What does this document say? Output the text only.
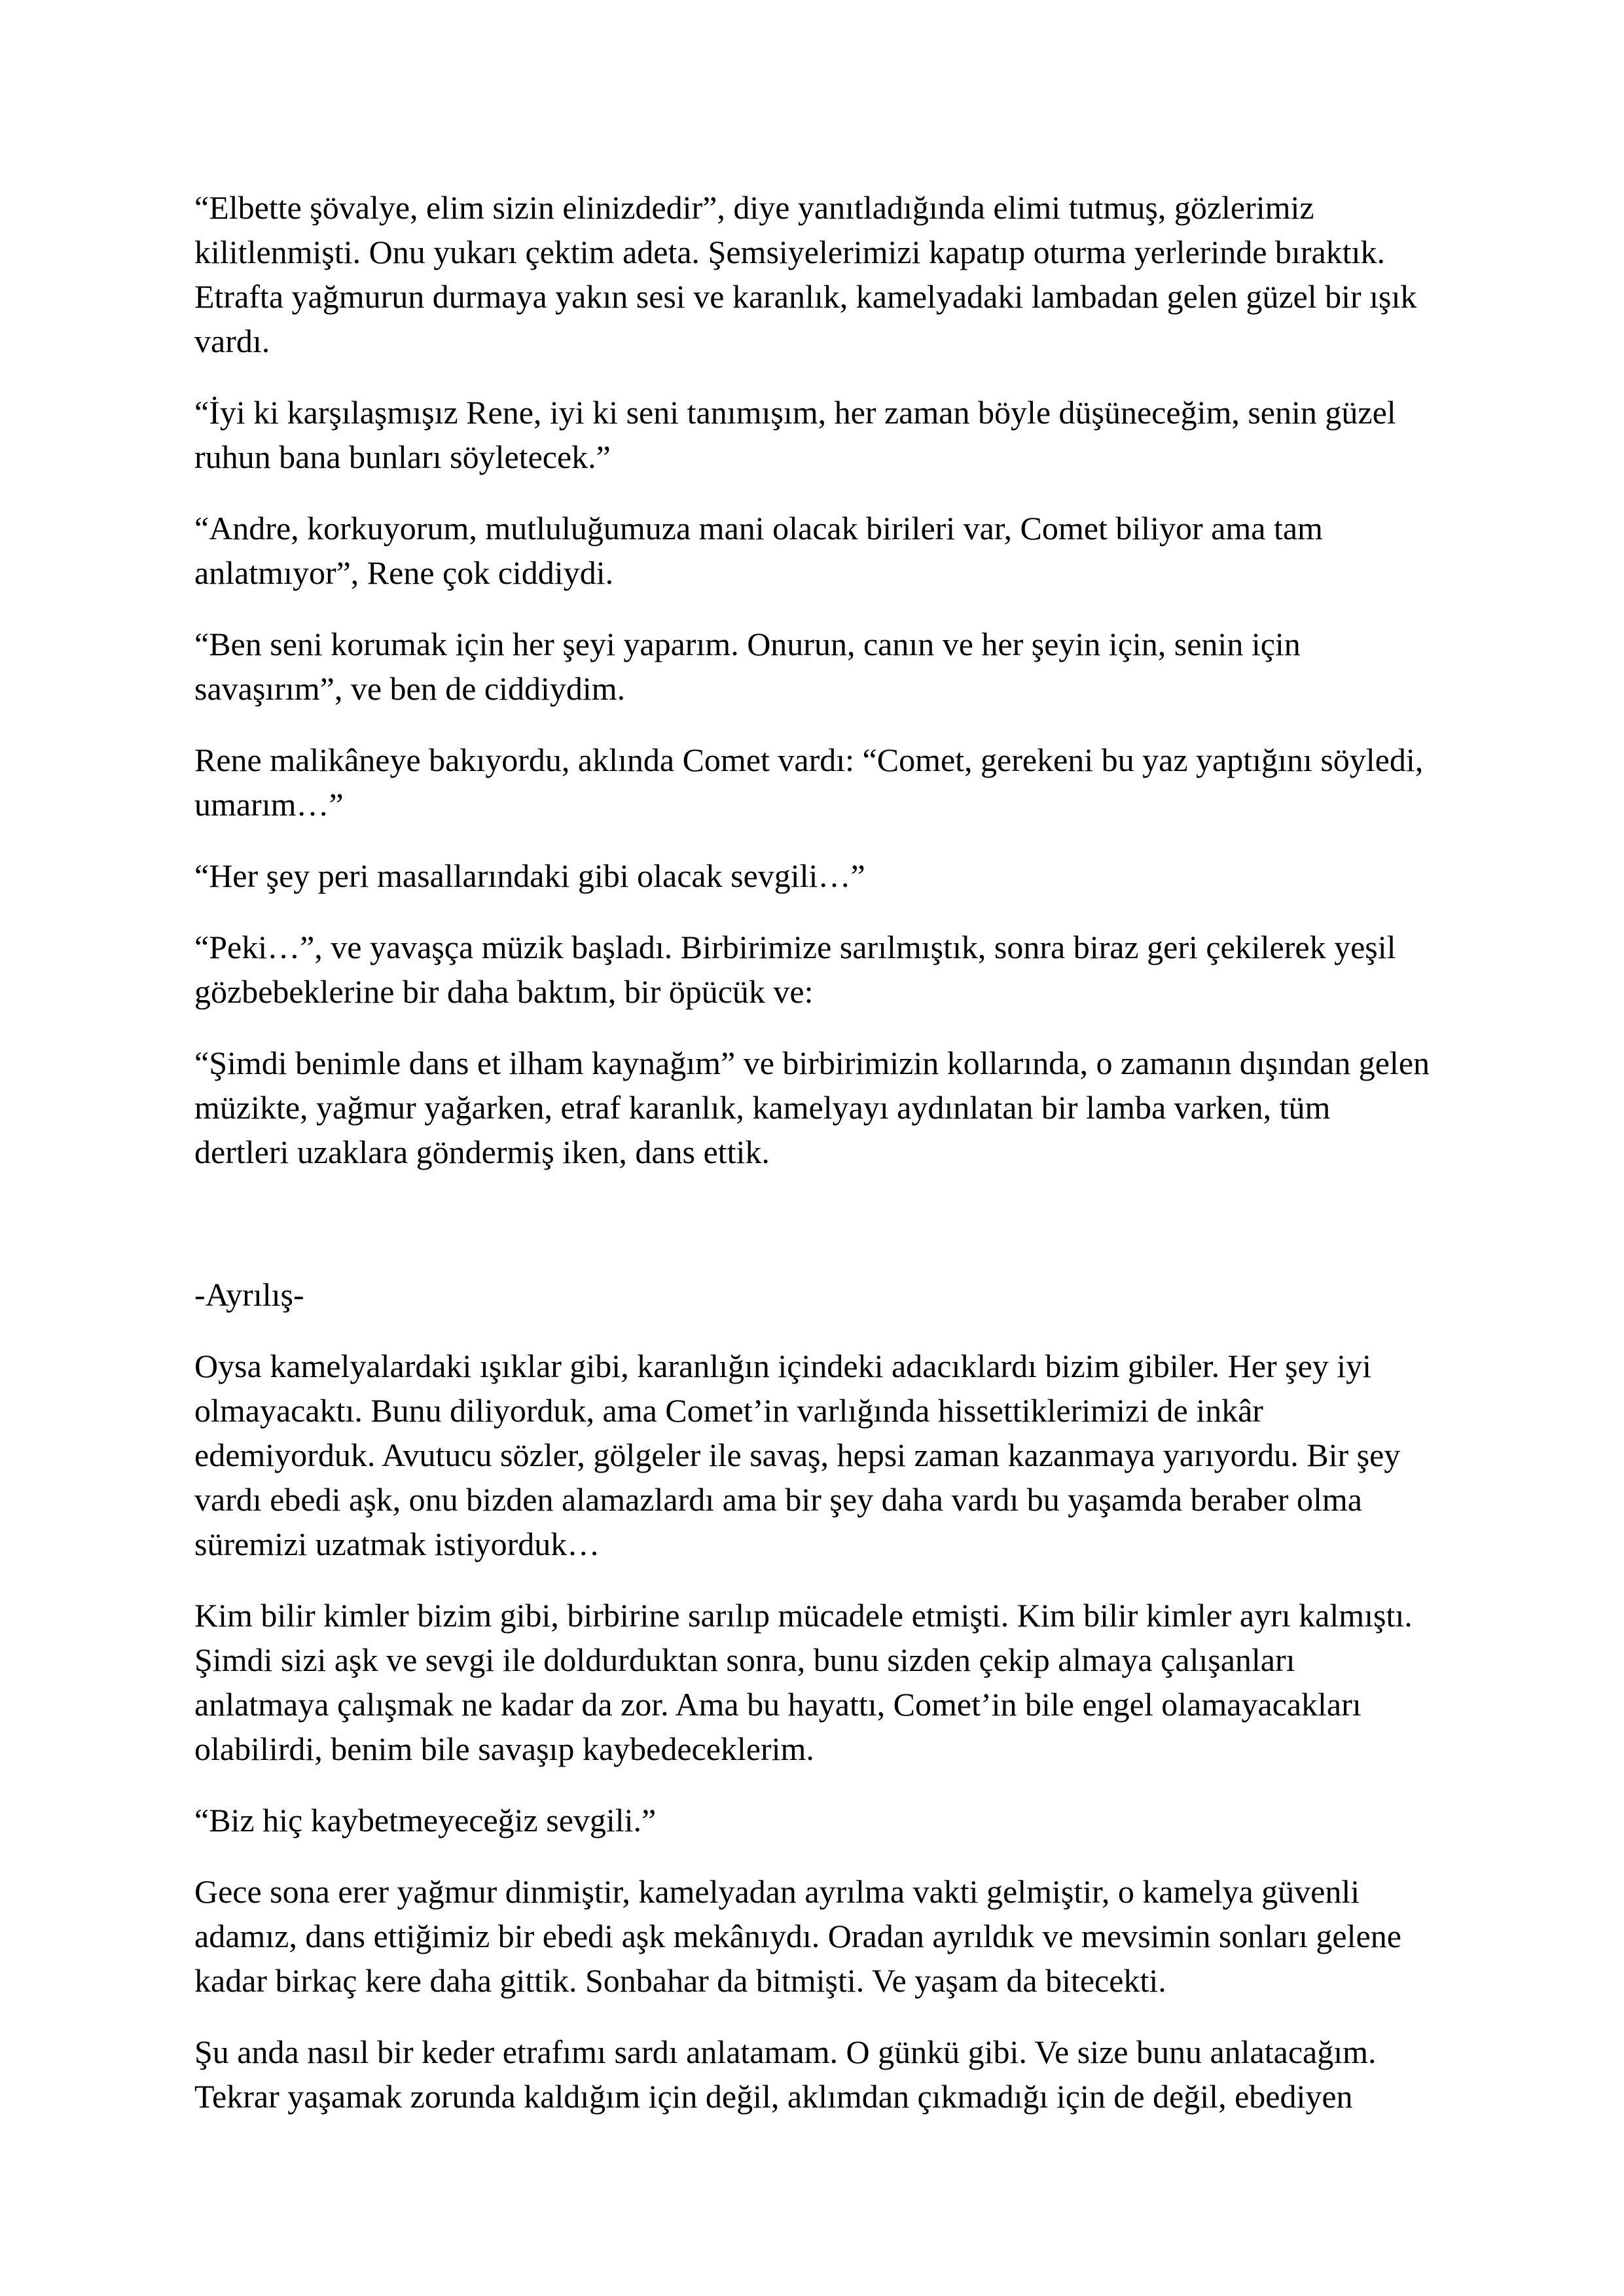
“Elbette şövalye, elim sizin elinizdedir”, diye yanıtladığında elimi tutmuş, gözlerimiz kilitlenmişti. Onu yukarı çektim adeta. Şemsiyelerimizi kapatıp oturma yerlerinde bıraktık. Etrafta yağmurun durmaya yakın sesi ve karanlık, kamelyadaki lambadan gelen güzel bir ışık vardı.

“İyi ki karşılaşmışız Rene, iyi ki seni tanımışım, her zaman böyle düşüneceğim, senin güzel ruhun bana bunları söyletecek.”

“Andre, korkuyorum, mutluluğumuza mani olacak birileri var, Comet biliyor ama tam anlatmıyor”, Rene çok ciddiydi.

“Ben seni korumak için her şeyi yaparım. Onurun, canın ve her şeyin için, senin için savaşırım”, ve ben de ciddiydim.

Rene malikâneye bakıyordu, aklında Comet vardı: “Comet, gerekeni bu yaz yaptığını söyledi, umarım…”

“Her şey peri masallarındaki gibi olacak sevgili…”

“Peki…”, ve yavaşça müzik başladı. Birbirimize sarılmıştık, sonra biraz geri çekilerek yeşil gözbebeklerine bir daha baktım, bir öpücük ve:

“Şimdi benimle dans et ilham kaynağım” ve birbirimizin kollarında, o zamanın dışından gelen müzikte, yağmur yağarken, etraf karanlık, kamelyayı aydınlatan bir lamba varken, tüm dertleri uzaklara göndermiş iken, dans ettik.

-Ayrılış-

Oysa kamelyalardaki ışıklar gibi, karanlığın içindeki adacıklardı bizim gibiler. Her şey iyi olmayacaktı. Bunu diliyorduk, ama Comet’in varlığında hissettiklerimizi de inkâr edemiyorduk. Avutucu sözler, gölgeler ile savaş, hepsi zaman kazanmaya yarıyordu. Bir şey vardı ebedi aşk, onu bizden alamazlardı ama bir şey daha vardı bu yaşamda beraber olma süremizi uzatmak istiyorduk…

Kim bilir kimler bizim gibi, birbirine sarılıp mücadele etmişti. Kim bilir kimler ayrı kalmıştı. Şimdi sizi aşk ve sevgi ile doldurduktan sonra, bunu sizden çekip almaya çalışanları anlatmaya çalışmak ne kadar da zor. Ama bu hayattı, Comet’in bile engel olamayacakları olabilirdi, benim bile savaşıp kaybedeceklerim.

“Biz hiç kaybetmeyeceğiz sevgili.”

Gece sona erer yağmur dinmiştir, kamelyadan ayrılma vakti gelmiştir, o kamelya güvenli adamız, dans ettiğimiz bir ebedi aşk mekânıydı. Oradan ayrıldık ve mevsimin sonları gelene kadar birkaç kere daha gittik. Sonbahar da bitmişti. Ve yaşam da bitecekti.

Şu anda nasıl bir keder etrafımı sardı anlatamam. O günkü gibi. Ve size bunu anlatacağım. Tekrar yaşamak zorunda kaldığım için değil, aklımdan çıkmadığı için de değil, ebediyen
